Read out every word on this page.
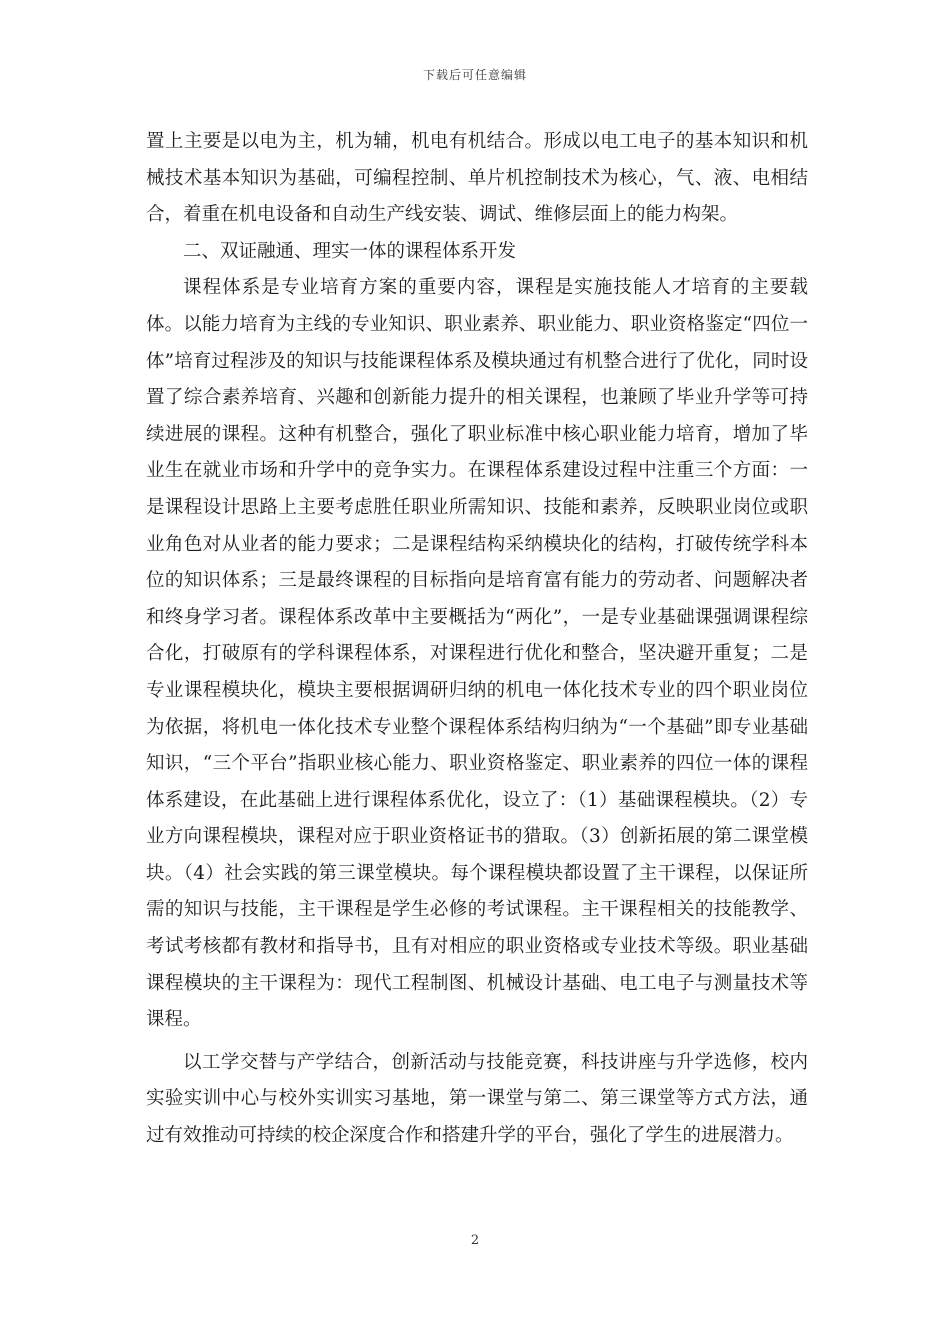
下载后可任意编辑

置上主要是以电为主，机为辅，机电有机结合。形成以电工电子的基本知识和机械技术基本知识为基础，可编程控制、单片机控制技术为核心，气、液、电相结合，着重在机电设备和自动生产线安装、调试、维修层面上的能力构架。

二、双证融通、理实一体的课程体系开发

课程体系是专业培育方案的重要内容，课程是实施技能人才培育的主要载体。以能力培育为主线的专业知识、职业素养、职业能力、职业资格鉴定“四位一体”培育过程涉及的知识与技能课程体系及模块通过有机整合进行了优化，同时设置了综合素养培育、兴趣和创新能力提升的相关课程，也兼顾了毕业升学等可持续进展的课程。这种有机整合，强化了职业标准中核心职业能力培育，增加了毕业生在就业市场和升学中的竞争实力。在课程体系建设过程中注重三个方面：一是课程设计思路上主要考虑胜任职业所需知识、技能和素养，反映职业岗位或职业角色对从业者的能力要求；二是课程结构采纳模块化的结构，打破传统学科本位的知识体系；三是最终课程的目标指向是培育富有能力的劳动者、问题解决者和终身学习者。课程体系改革中主要概括为“两化”，一是专业基础课强调课程综合化，打破原有的学科课程体系，对课程进行优化和整合，坚决避开重复；二是专业课程模块化，模块主要根据调研归纳的机电一体化技术专业的四个职业岗位为依据，将机电一体化技术专业整个课程体系结构归纳为“一个基础”即专业基础知识，“三个平台”指职业核心能力、职业资格鉴定、职业素养的四位一体的课程体系建设，在此基础上进行课程体系优化，设立了：（1）基础课程模块。（2）专业方向课程模块，课程对应于职业资格证书的猎取。（3）创新拓展的第二课堂模块。（4）社会实践的第三课堂模块。每个课程模块都设置了主干课程，以保证所需的知识与技能，主干课程是学生必修的考试课程。主干课程相关的技能教学、考试考核都有教材和指导书，且有对相应的职业资格或专业技术等级。职业基础课程模块的主干课程为：现代工程制图、机械设计基础、电工电子与测量技术等课程。

以工学交替与产学结合，创新活动与技能竞赛，科技讲座与升学选修，校内实验实训中心与校外实训实习基地，第一课堂与第二、第三课堂等方式方法，通过有效推动可持续的校企深度合作和搭建升学的平台，强化了学生的进展潜力。

2
